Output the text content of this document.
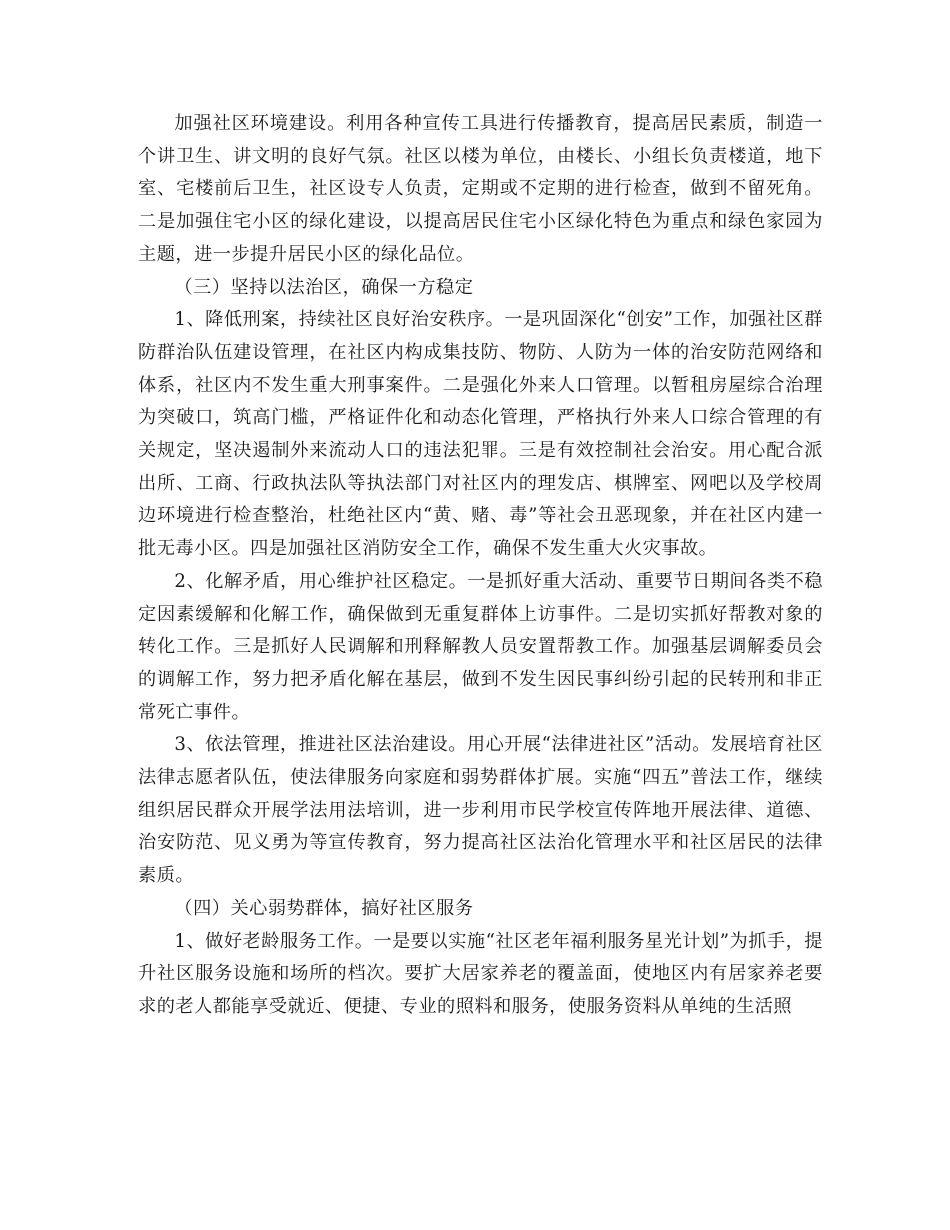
加强社区环境建设。利用各种宣传工具进行传播教育，提高居民素质，制造一个讲卫生、讲文明的良好气氛。社区以楼为单位，由楼长、小组长负责楼道，地下室、宅楼前后卫生，社区设专人负责，定期或不定期的进行检查，做到不留死角。二是加强住宅小区的绿化建设，以提高居民住宅小区绿化特色为重点和绿色家园为主题，进一步提升居民小区的绿化品位。

（三）坚持以法治区，确保一方稳定

1、降低刑案，持续社区良好治安秩序。一是巩固深化“创安”工作，加强社区群防群治队伍建设管理，在社区内构成集技防、物防、人防为一体的治安防范网络和体系，社区内不发生重大刑事案件。二是强化外来人口管理。以暂租房屋综合治理为突破口，筑高门槛，严格证件化和动态化管理，严格执行外来人口综合管理的有关规定，坚决遏制外来流动人口的违法犯罪。三是有效控制社会治安。用心配合派出所、工商、行政执法队等执法部门对社区内的理发店、棋牌室、网吧以及学校周边环境进行检查整治，杜绝社区内“黄、赌、毒”等社会丑恶现象，并在社区内建一批无毒小区。四是加强社区消防安全工作，确保不发生重大火灾事故。

2、化解矛盾，用心维护社区稳定。一是抓好重大活动、重要节日期间各类不稳定因素缓解和化解工作，确保做到无重复群体上访事件。二是切实抓好帮教对象的转化工作。三是抓好人民调解和刑释解教人员安置帮教工作。加强基层调解委员会的调解工作，努力把矛盾化解在基层，做到不发生因民事纠纷引起的民转刑和非正常死亡事件。

3、依法管理，推进社区法治建设。用心开展“法律进社区”活动。发展培育社区法律志愿者队伍，使法律服务向家庭和弱势群体扩展。实施“四五”普法工作，继续组织居民群众开展学法用法培训，进一步利用市民学校宣传阵地开展法律、道德、治安防范、见义勇为等宣传教育，努力提高社区法治化管理水平和社区居民的法律素质。

（四）关心弱势群体，搞好社区服务

1、做好老龄服务工作。一是要以实施“社区老年福利服务星光计划”为抓手，提升社区服务设施和场所的档次。要扩大居家养老的覆盖面，使地区内有居家养老要求的老人都能享受就近、便捷、专业的照料和服务，使服务资料从单纯的生活照
